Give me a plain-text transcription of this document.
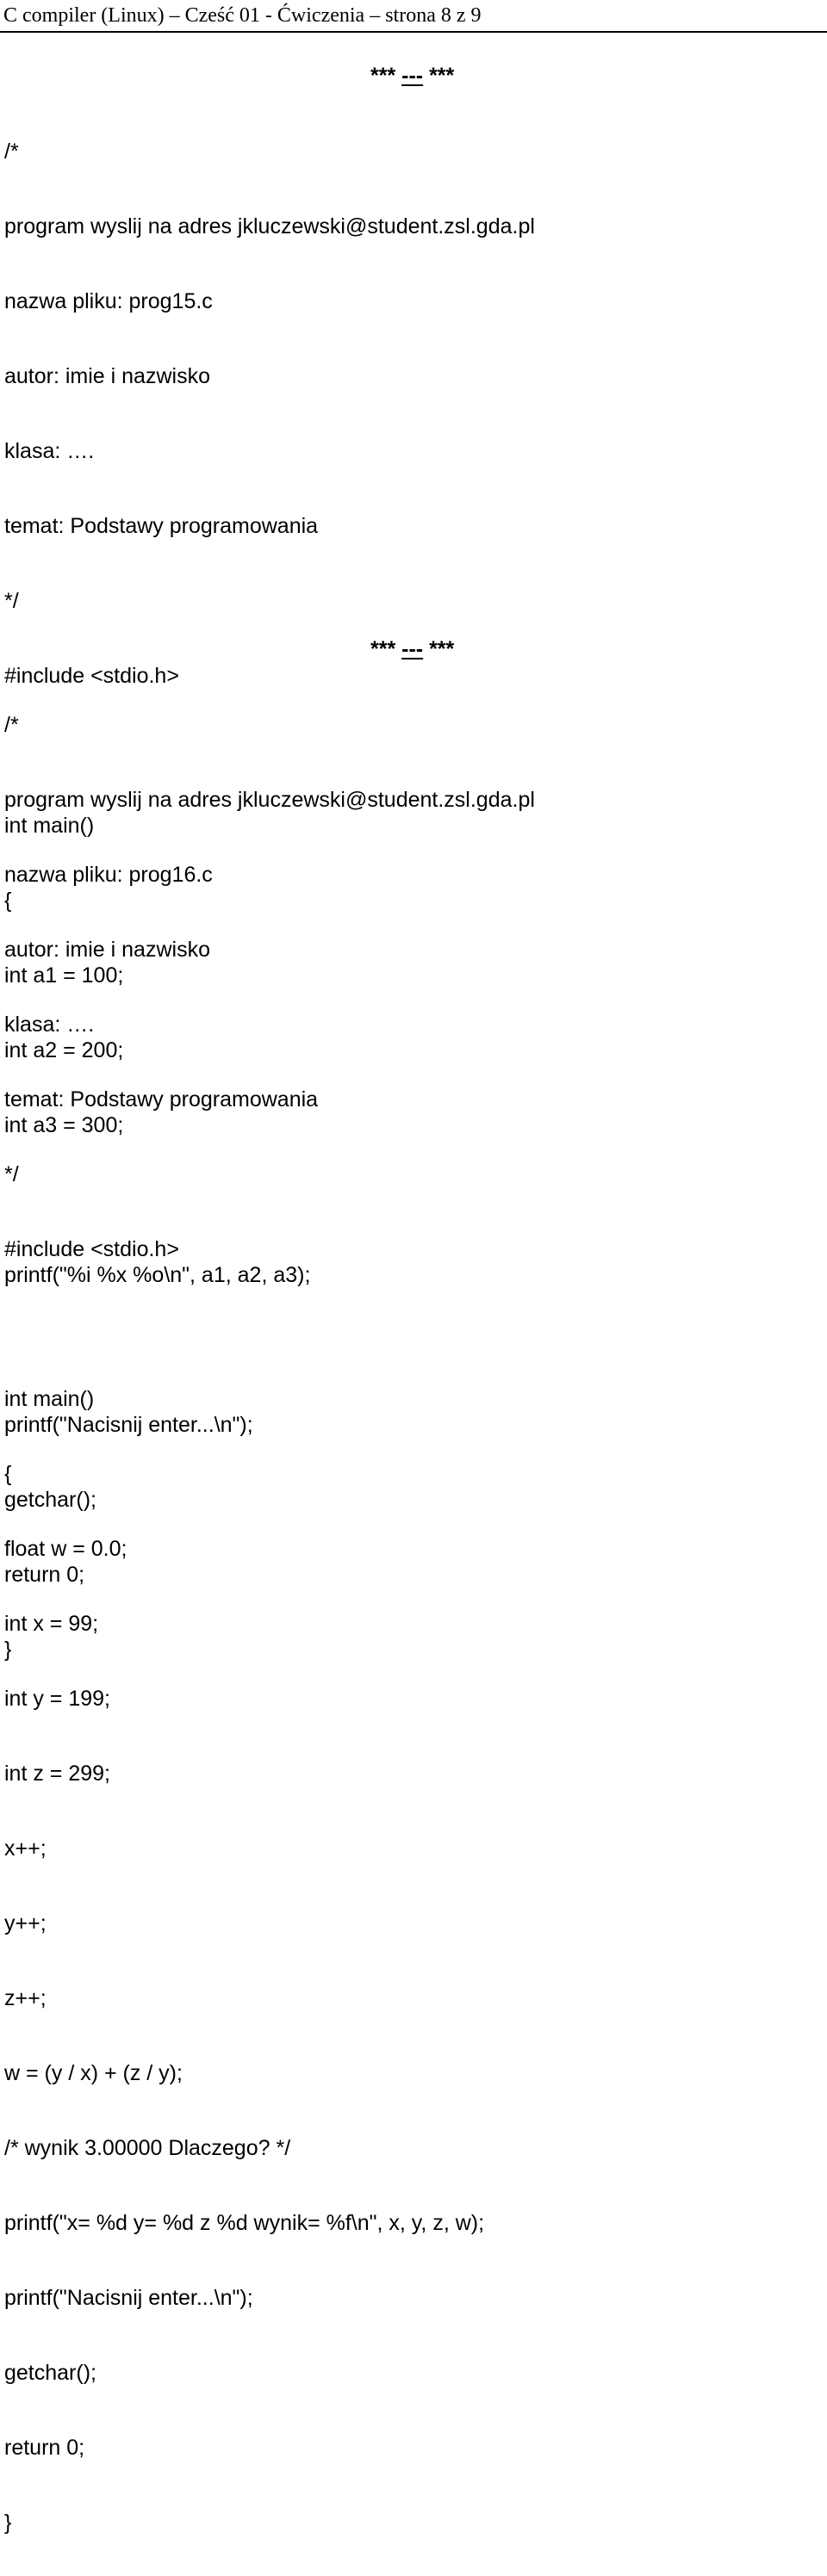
C compiler (Linux) – Cześć 01 - Ćwiczenia – strona 8 z 9
*** --- ***

/*

program wyslij na adres jkluczewski@student.zsl.gda.pl

nazwa pliku: prog15.c

autor: imie i nazwisko

klasa: ….

temat: Podstawy programowania

*/

#include <stdio.h>

int main()

{

int a1 = 100;

int a2 = 200;

int a3 = 300;

printf("%i %x %o\n", a1, a2, a3);

printf("Nacisnij enter...\n");

getchar();

return 0;

}

*** --- ***

/*

program wyslij na adres jkluczewski@student.zsl.gda.pl

nazwa pliku: prog16.c

autor: imie i nazwisko

klasa: ….

temat: Podstawy programowania

*/

#include <stdio.h>

int main()

{

float w = 0.0;

int x = 99;

int y = 199;

int z = 299;

x++;

y++;

z++;

w = (y / x) + (z / y);

/* wynik 3.00000 Dlaczego? */

printf("x= %d y= %d z %d wynik= %f\n", x, y, z, w);

printf("Nacisnij enter...\n");

getchar();

return 0;

}
